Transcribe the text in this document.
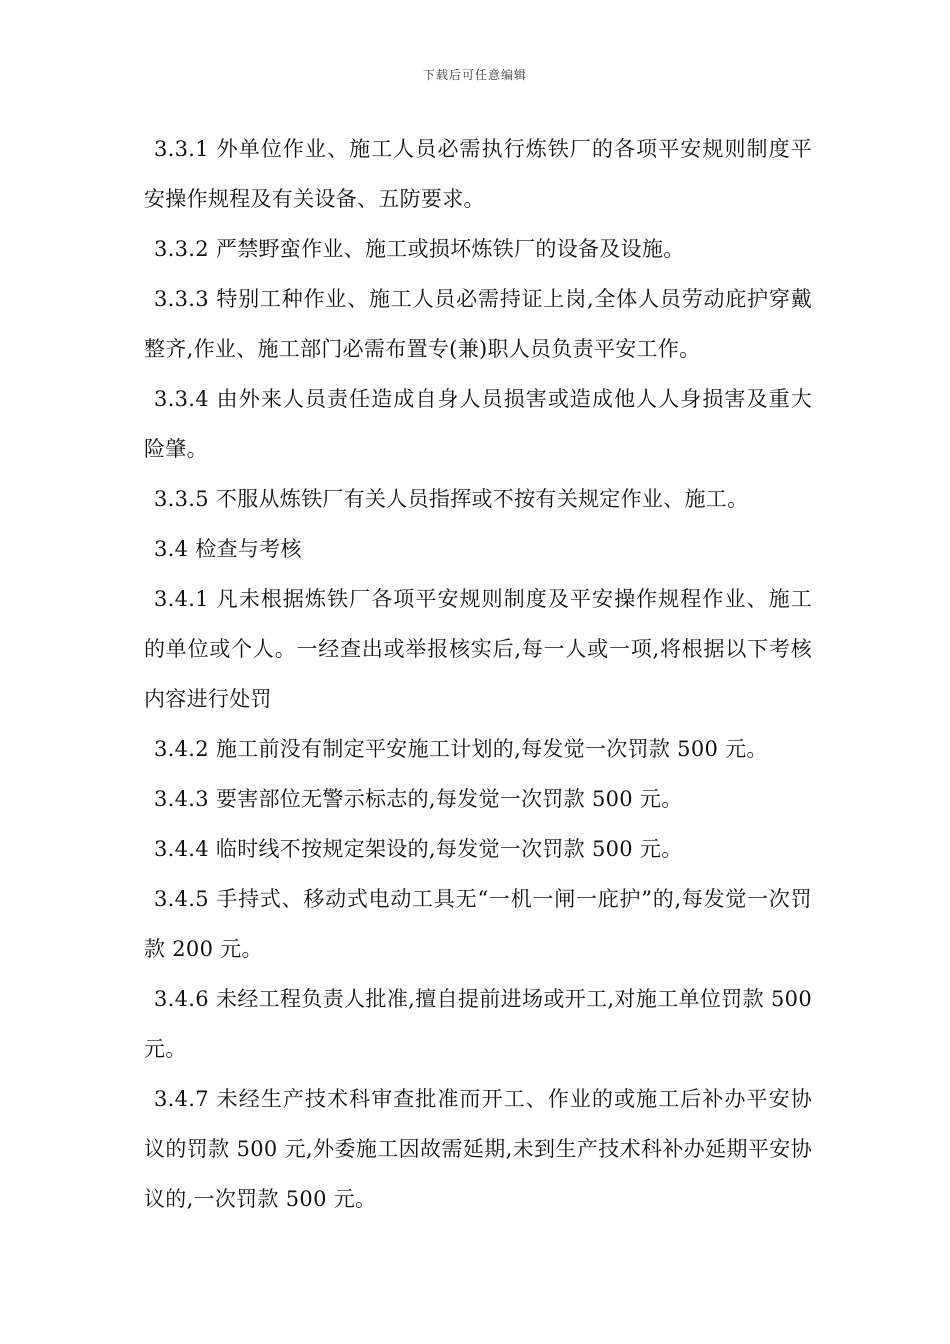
下载后可任意编辑

3.3.1 外单位作业、施工人员必需执行炼铁厂的各项平安规则制度平安操作规程及有关设备、五防要求。

3.3.2 严禁野蛮作业、施工或损坏炼铁厂的设备及设施。

3.3.3 特别工种作业、施工人员必需持证上岗,全体人员劳动庇护穿戴整齐,作业、施工部门必需布置专(兼)职人员负责平安工作。

3.3.4 由外来人员责任造成自身人员损害或造成他人人身损害及重大险肇。

3.3.5 不服从炼铁厂有关人员指挥或不按有关规定作业、施工。

3.4 检查与考核

3.4.1 凡未根据炼铁厂各项平安规则制度及平安操作规程作业、施工的单位或个人。一经查出或举报核实后,每一人或一项,将根据以下考核内容进行处罚

3.4.2 施工前没有制定平安施工计划的,每发觉一次罚款 500 元。

3.4.3 要害部位无警示标志的,每发觉一次罚款 500 元。

3.4.4 临时线不按规定架设的,每发觉一次罚款 500 元。

3.4.5 手持式、移动式电动工具无“一机一闸一庇护”的,每发觉一次罚款 200 元。

3.4.6 未经工程负责人批准,擅自提前进场或开工,对施工单位罚款 500 元。

3.4.7 未经生产技术科审查批准而开工、作业的或施工后补办平安协议的罚款 500 元,外委施工因故需延期,未到生产技术科补办延期平安协议的,一次罚款 500 元。
